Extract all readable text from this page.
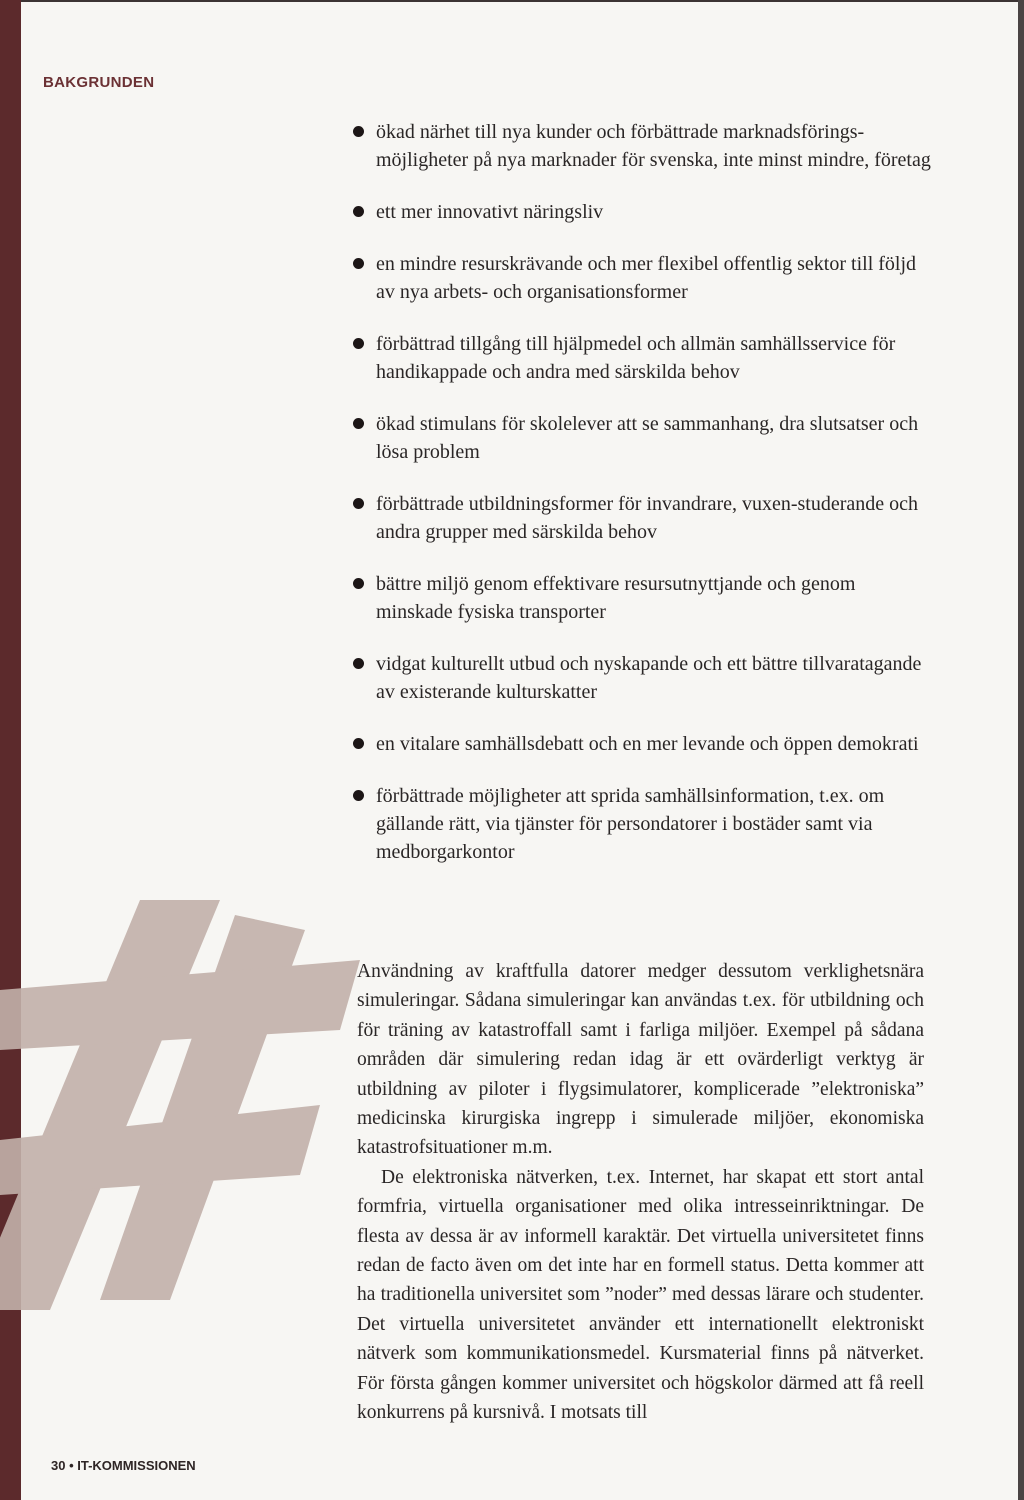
BAKGRUNDEN
ökad närhet till nya kunder och förbättrade marknadsförings-möjligheter på nya marknader för svenska, inte minst mindre, företag
ett mer innovativt näringsliv
en mindre resurskrävande och mer flexibel offentlig sektor till följd av nya arbets- och organisationsformer
förbättrad tillgång till hjälpmedel och allmän samhällsservice för handikappade och andra med särskilda behov
ökad stimulans för skolelever att se sammanhang, dra slutsatser och lösa problem
förbättrade utbildningsformer för invandrare, vuxen-studerande och andra grupper med särskilda behov
bättre miljö genom effektivare resursutnyttjande och genom minskade fysiska transporter
vidgat kulturellt utbud och nyskapande och ett bättre tillvaratagande av existerande kulturskatter
en vitalare samhällsdebatt och en mer levande och öppen demokrati
förbättrade möjligheter att sprida samhällsinformation, t.ex. om gällande rätt, via tjänster för persondatorer i bostäder samt via medborgarkontor

Användning av kraftfulla datorer medger dessutom verklighetsnära simuleringar. Sådana simuleringar kan användas t.ex. för utbildning och för träning av katastroffall samt i farliga miljöer. Exempel på sådana områden där simulering redan idag är ett ovärderligt verktyg är utbildning av piloter i flygsimulatorer, komplicerade ”elektroniska” medicinska kirurgiska ingrepp i simulerade miljöer, ekonomiska katastrofsituationer m.m.

De elektroniska nätverken, t.ex. Internet, har skapat ett stort antal formfria, virtuella organisationer med olika intresseinriktningar. De flesta av dessa är av informell karaktär. Det virtuella universitetet finns redan de facto även om det inte har en formell status. Detta kommer att ha traditionella universitet som ”noder” med dessas lärare och studenter. Det virtuella universitetet använder ett internationellt elektroniskt nätverk som kommunikationsmedel. Kursmaterial finns på nätverket. För första gången kommer universitet och högskolor därmed att få reell konkurrens på kursnivå. I motsats till

30 • IT-KOMMISSIONEN
